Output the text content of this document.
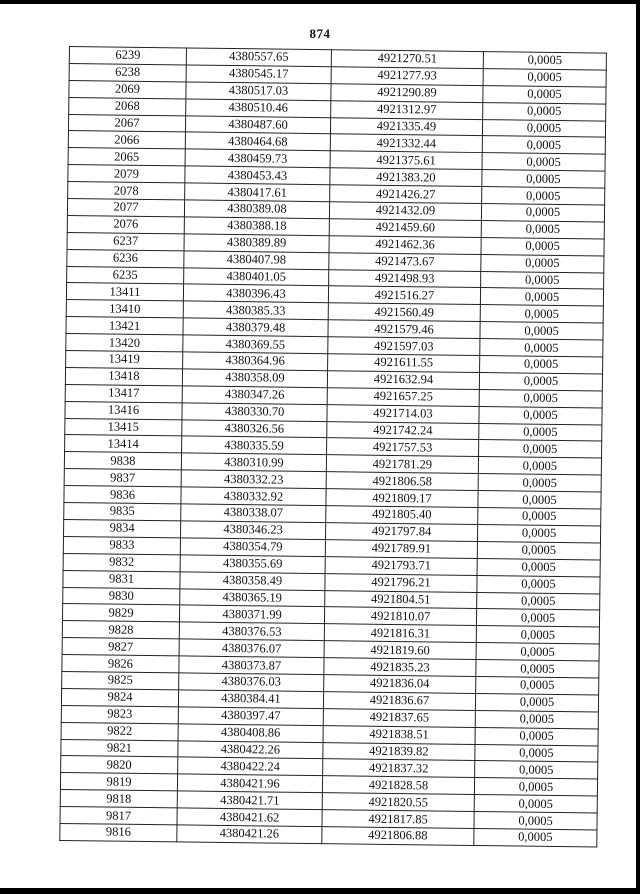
874
6239	4380557.65	4921270.51	0,0005
6238	4380545.17	4921277.93	0,0005
2069	4380517.03	4921290.89	0,0005
2068	4380510.46	4921312.97	0,0005
2067	4380487.60	4921335.49	0,0005
2066	4380464.68	4921332.44	0,0005
2065	4380459.73	4921375.61	0,0005
2079	4380453.43	4921383.20	0,0005
2078	4380417.61	4921426.27	0,0005
2077	4380389.08	4921432.09	0,0005
2076	4380388.18	4921459.60	0,0005
6237	4380389.89	4921462.36	0,0005
6236	4380407.98	4921473.67	0,0005
6235	4380401.05	4921498.93	0,0005
13411	4380396.43	4921516.27	0,0005
13410	4380385.33	4921560.49	0,0005
13421	4380379.48	4921579.46	0,0005
13420	4380369.55	4921597.03	0,0005
13419	4380364.96	4921611.55	0,0005
13418	4380358.09	4921632.94	0,0005
13417	4380347.26	4921657.25	0,0005
13416	4380330.70	4921714.03	0,0005
13415	4380326.56	4921742.24	0,0005
13414	4380335.59	4921757.53	0,0005
9838	4380310.99	4921781.29	0,0005
9837	4380332.23	4921806.58	0,0005
9836	4380332.92	4921809.17	0,0005
9835	4380338.07	4921805.40	0,0005
9834	4380346.23	4921797.84	0,0005
9833	4380354.79	4921789.91	0,0005
9832	4380355.69	4921793.71	0,0005
9831	4380358.49	4921796.21	0,0005
9830	4380365.19	4921804.51	0,0005
9829	4380371.99	4921810.07	0,0005
9828	4380376.53	4921816.31	0,0005
9827	4380376.07	4921819.60	0,0005
9826	4380373.87	4921835.23	0,0005
9825	4380376.03	4921836.04	0,0005
9824	4380384.41	4921836.67	0,0005
9823	4380397.47	4921837.65	0,0005
9822	4380408.86	4921838.51	0,0005
9821	4380422.26	4921839.82	0,0005
9820	4380422.24	4921837.32	0,0005
9819	4380421.96	4921828.58	0,0005
9818	4380421.71	4921820.55	0,0005
9817	4380421.62	4921817.85	0,0005
9816	4380421.26	4921806.88	0,0005
